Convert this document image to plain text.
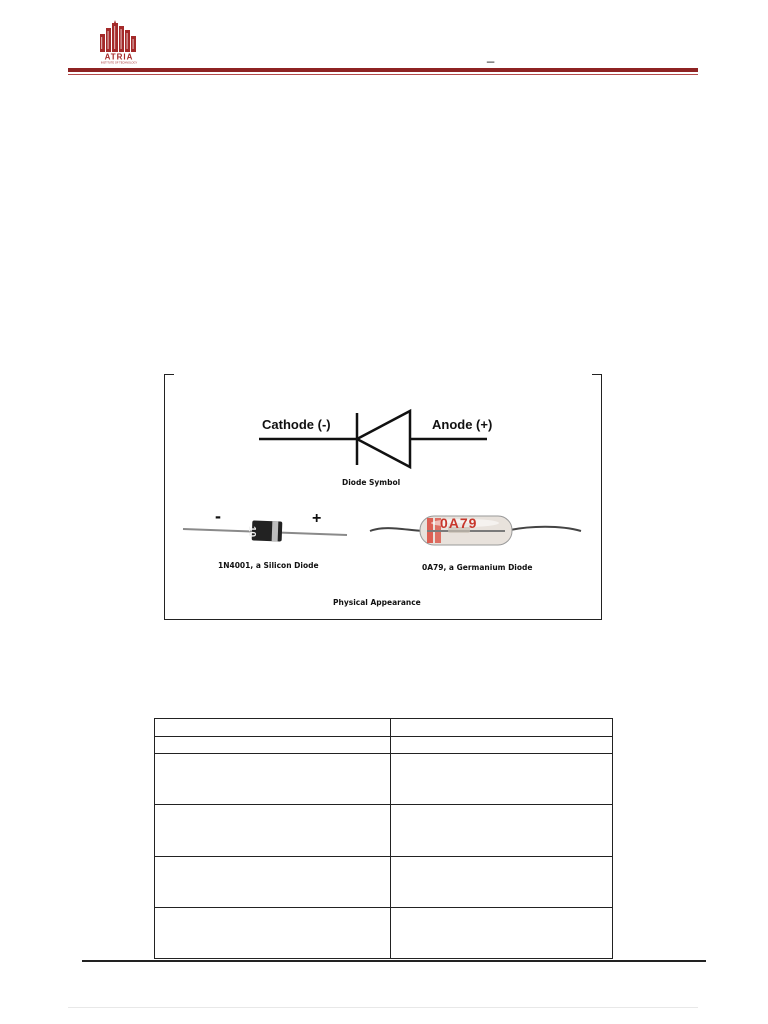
ATRIA
INSTITUTE OF TECHNOLOGY	_
Cathode (-)	Anode (+)
Diode Symbol
-	+
10
1N4001, a Silicon Diode
0A79
0A79, a Germanium Diode
Physical Appearance
